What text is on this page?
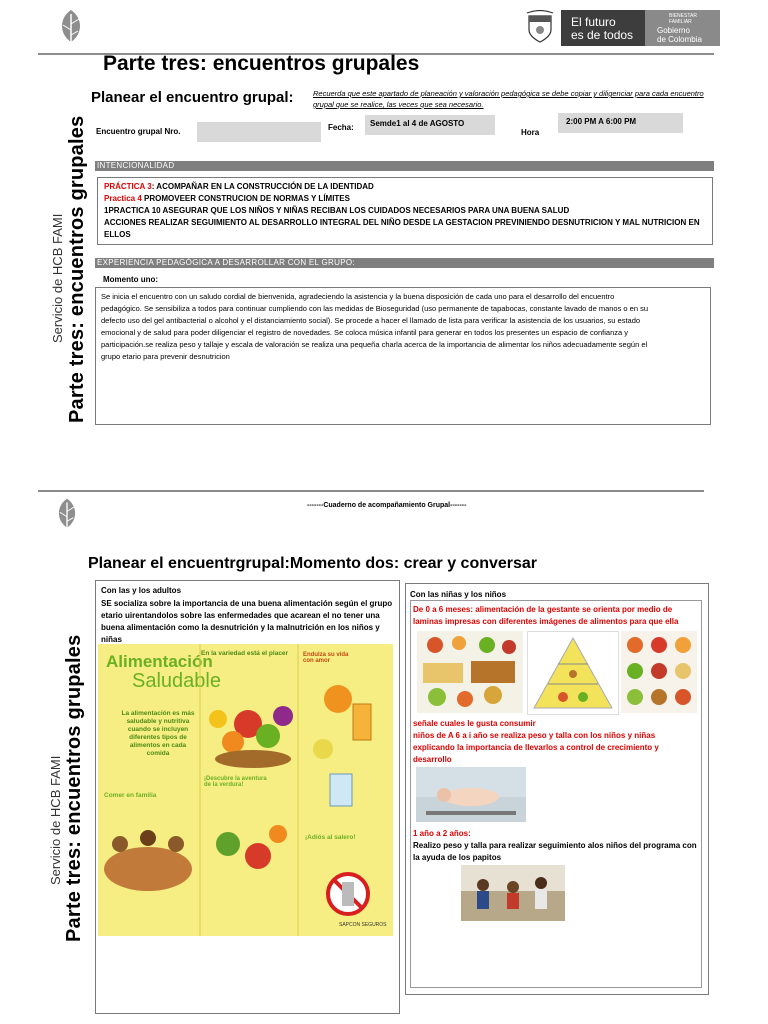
El futuro
es de todos
BIENESTAR
FAMILIAR
Gobierno
de Colombia
Parte tres: encuentros grupales
Parte tres: encuentros grupales
Servicio de HCB FAMI
Planear el encuentro grupal:	Recuerda que este apartado de planeación y valoración pedagógica se debe copiar y diligenciar para cada encuentro grupal que se realice, las veces que sea necesario.
Encuentro grupal Nro.	Fecha: Semde1 al 4 de AGOSTO
Hora
2:00 PM A 6:00 PM
INTENCIONALIDAD
PRÁCTICA 3: ACOMPAÑAR EN LA CONSTRUCCIÓN DE LA IDENTIDAD
Practica 4 PROMOVEER CONSTRUCION DE NORMAS Y LÍMITES
1PRACTICA 10 ASEGURAR QUE LOS NIÑOS Y NIÑAS RECIBAN LOS CUIDADOS NECESARIOS PARA UNA BUENA SALUD
ACCIONES REALIZAR SEGUIMIENTO AL DESARROLLO INTEGRAL DEL NIÑO DESDE LA GESTACION PREVINIENDO DESNUTRICION Y MAL NUTRICION EN ELLOS
EXPERIENCIA PEDAGÓGICA A DESARROLLAR CON EL GRUPO:
Momento uno:
Se inicia el encuentro con un saludo cordial de bienvenida, agradeciendo la asistencia y la buena disposición de cada uno para el desarrollo del encuentro pedagógico. Se sensibiliza a todos para continuar cumpliendo con las medidas de Bioseguridad (uso permanente de tapabocas, constante lavado de manos o en su defecto uso del gel antibacterial o alcohol y el distanciamiento social). Se procede a hacer el llamado de lista para verificar la asistencia de los usuarios, su estado emocional y de salud para poder diligenciar el registro de novedades. Se coloca música infantil para generar en todos los presentes un espacio de confianza y participación.se realiza peso y tallaje y escala de valoración se realiza una pequeña charla acerca de la importancia de alimentar los niños adecuadamente según el grupo etario para prevenir desnutricion
-------Cuaderno de acompañamiento Grupal-------
Planear el encuentrgrupal:Momento dos: crear y conversar
Parte tres: encuentros grupales
Servicio de HCB FAMI
Con las y los adultos
SE socializa sobre la importancia de una buena alimentación según el grupo etario uirentandolos sobre las enfermedades que acarean el no tener una buena alimentación como la desnutrición y la malnutrición en los niños y niñas
Alimentación
Saludable
La alimentación es más saludable y nutritiva cuando se incluyen diferentes tipos de alimentos en cada comida
En la variedad está el placer Endulza su vida con amor
Comer en familia
¡Descubre la aventura de la verdura!
¡Adiós al salero!
SAPCON SEGUROS
Con las niñas y los niños
De 0 a 6 meses: alimentación de la gestante se orienta por medio de laminas impresas con diferentes imágenes de alimentos para que ella
señale cuales le gusta consumir
niños de A 6 a i año se realiza peso y talla con los niños y niñas explicando la importancia de llevarlos a control de crecimiento y desarrollo
1 año a 2 años:
Realizo peso y talla para realizar seguimiento alos niños del programa con la ayuda de los papitos
